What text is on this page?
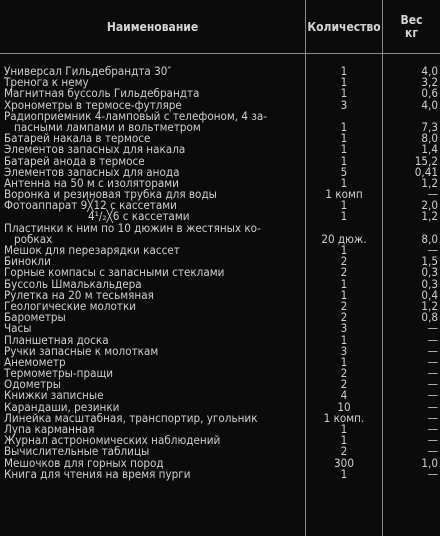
Наименование	Количество Вес
кг
Универсал Гильдебрандта 30″	1	4,0
Тренога к нему	1	3,2
Магнитная буссоль Гильдебрандта	1	0,6
Хронометры в термосе-футляре	3	4,0
Радиоприемник 4-ламповый с телефоном, 4 за-
пасными лампами и вольтметром	1	7,3
Батарей накала в термосе	1	8,0
Элементов запасных для накала	1	1,4
Батарей анода в термосе	1	15,2
Элементов запасных для анода	5	0,41
Антенна на 50 м с изоляторами	1	1,2
Воронка и резиновая трубка для воды	1 комп	—
Фотоаппарат 9╳12 с кассетами	1	2,0
4¹/₂╳6 с кассетами	1	1,2
Пластинки к ним по 10 дюжин в жестяных ко-
робках	20 дюж.	8,0
Мешок для перезарядки кассет	1	—
Бинокли	2	1,5
Горные компасы с запасными стеклами	2	0,3
Буссоль Шмалькальдера	1	0,3
Рулетка на 20 м тесьмяная	1	0,4
Геологические молотки	2	1,2
Барометры	2	0,8
Часы	3	—
Планшетная доска	1	—
Ручки запасные к молоткам	3	—
Анемометр	1	—
Термометры-пращи	2	—
Одометры	2	—
Книжки записные	4	—
Карандаши, резинки	10	—
Линейка масштабная, транспортир, угольник	1 комп.	—
Лупа карманная	1	—
Журнал астрономических наблюдений	1	—
Вычислительные таблицы	2	—
Мешочков для горных пород	300	1,0
Книга для чтения на время пурги	1	—
